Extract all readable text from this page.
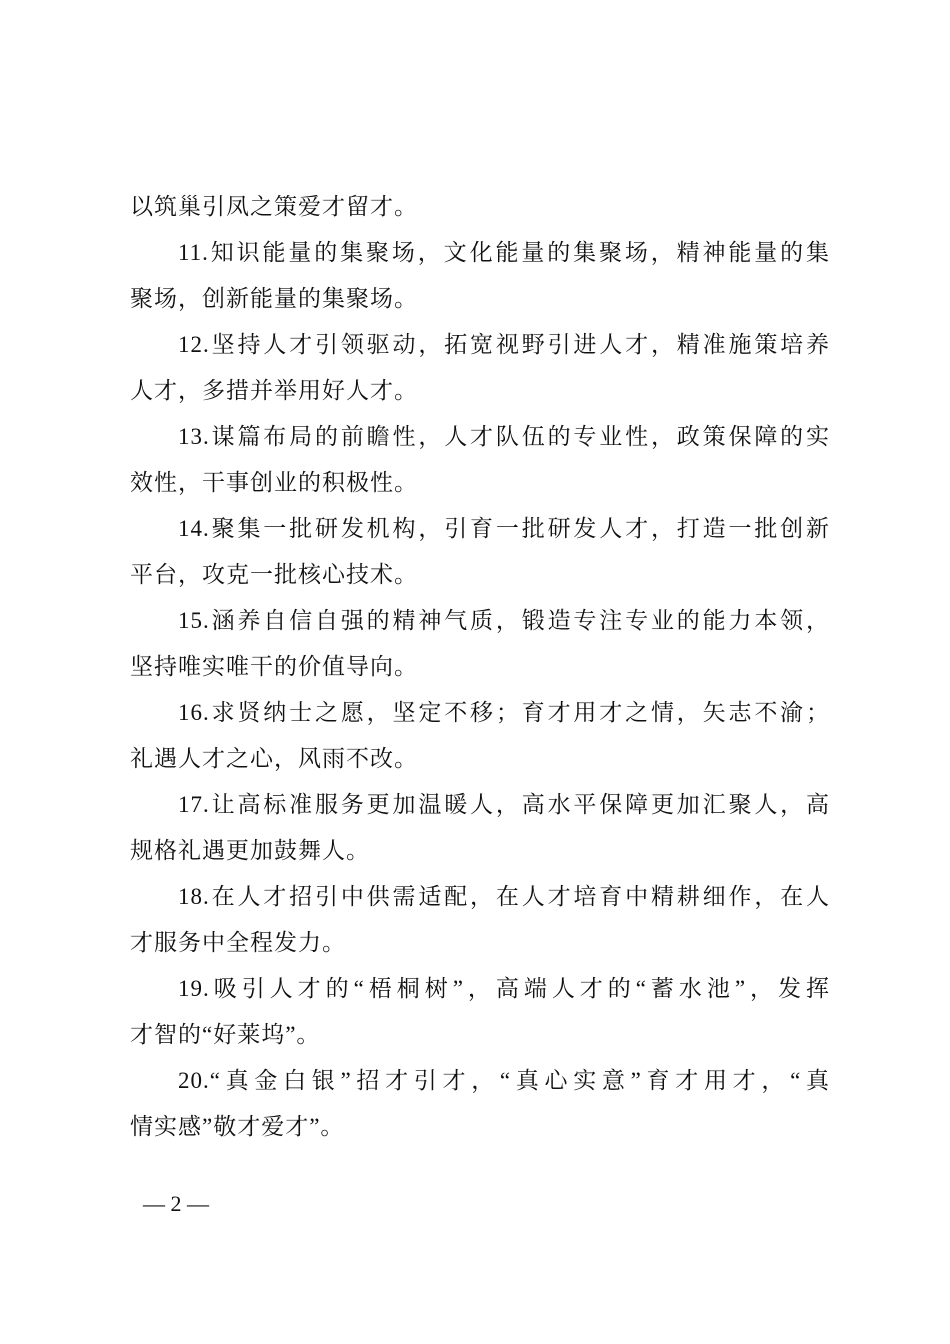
以筑巢引凤之策爱才留才。
11.知识能量的集聚场，文化能量的集聚场，精神能量的集
聚场，创新能量的集聚场。
12.坚持人才引领驱动，拓宽视野引进人才，精准施策培养
人才，多措并举用好人才。
13.谋篇布局的前瞻性，人才队伍的专业性，政策保障的实
效性，干事创业的积极性。
14.聚集一批研发机构，引育一批研发人才，打造一批创新
平台，攻克一批核心技术。
15.涵养自信自强的精神气质，锻造专注专业的能力本领，
坚持唯实唯干的价值导向。
16.求贤纳士之愿，坚定不移；育才用才之情，矢志不渝；
礼遇人才之心，风雨不改。
17.让高标准服务更加温暖人，高水平保障更加汇聚人，高
规格礼遇更加鼓舞人。
18.在人才招引中供需适配，在人才培育中精耕细作，在人
才服务中全程发力。
19.吸引人才的“梧桐树”，高端人才的“蓄水池”，发挥
才智的“好莱坞”。
20.“真金白银”招才引才，“真心实意”育才用才，“真
情实感”敬才爱才”。
— 2 —
